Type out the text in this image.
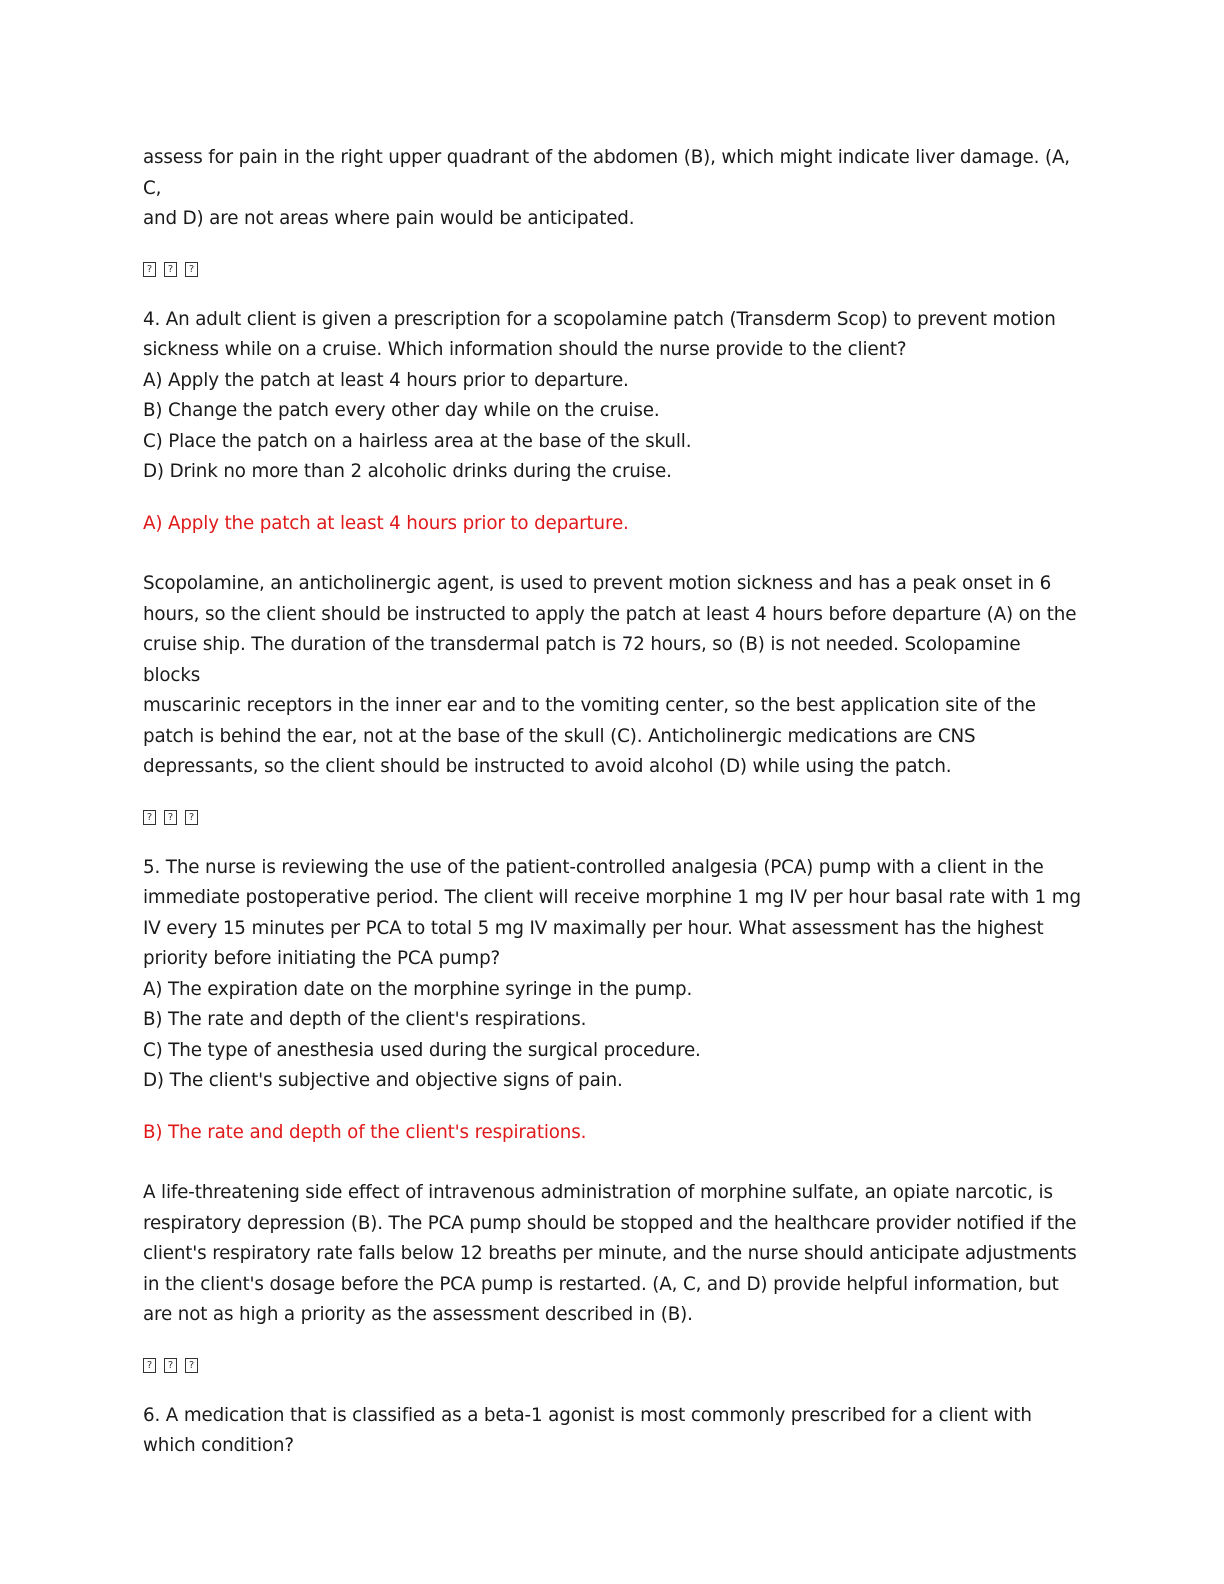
assess for pain in the right upper quadrant of the abdomen (B), which might indicate liver damage. (A, C,

and D) are not areas where pain would be anticipated.

?
?
?

4. An adult client is given a prescription for a scopolamine patch (Transderm Scop) to prevent motion

sickness while on a cruise. Which information should the nurse provide to the client?

A) Apply the patch at least 4 hours prior to departure.

B) Change the patch every other day while on the cruise.

C) Place the patch on a hairless area at the base of the skull.

D) Drink no more than 2 alcoholic drinks during the cruise.

A) Apply the patch at least 4 hours prior to departure.

Scopolamine, an anticholinergic agent, is used to prevent motion sickness and has a peak onset in 6

hours, so the client should be instructed to apply the patch at least 4 hours before departure (A) on the

cruise ship. The duration of the transdermal patch is 72 hours, so (B) is not needed. Scolopamine blocks

muscarinic receptors in the inner ear and to the vomiting center, so the best application site of the

patch is behind the ear, not at the base of the skull (C). Anticholinergic medications are CNS

depressants, so the client should be instructed to avoid alcohol (D) while using the patch.

?
?
?

5. The nurse is reviewing the use of the patient-controlled analgesia (PCA) pump with a client in the

immediate postoperative period. The client will receive morphine 1 mg IV per hour basal rate with 1 mg

IV every 15 minutes per PCA to total 5 mg IV maximally per hour. What assessment has the highest

priority before initiating the PCA pump?

A) The expiration date on the morphine syringe in the pump.

B) The rate and depth of the client's respirations.

C) The type of anesthesia used during the surgical procedure.

D) The client's subjective and objective signs of pain.

B) The rate and depth of the client's respirations.

A life-threatening side effect of intravenous administration of morphine sulfate, an opiate narcotic, is

respiratory depression (B). The PCA pump should be stopped and the healthcare provider notified if the

client's respiratory rate falls below 12 breaths per minute, and the nurse should anticipate adjustments

in the client's dosage before the PCA pump is restarted. (A, C, and D) provide helpful information, but

are not as high a priority as the assessment described in (B).

?
?
?

6. A medication that is classified as a beta-1 agonist is most commonly prescribed for a client with

which condition?
